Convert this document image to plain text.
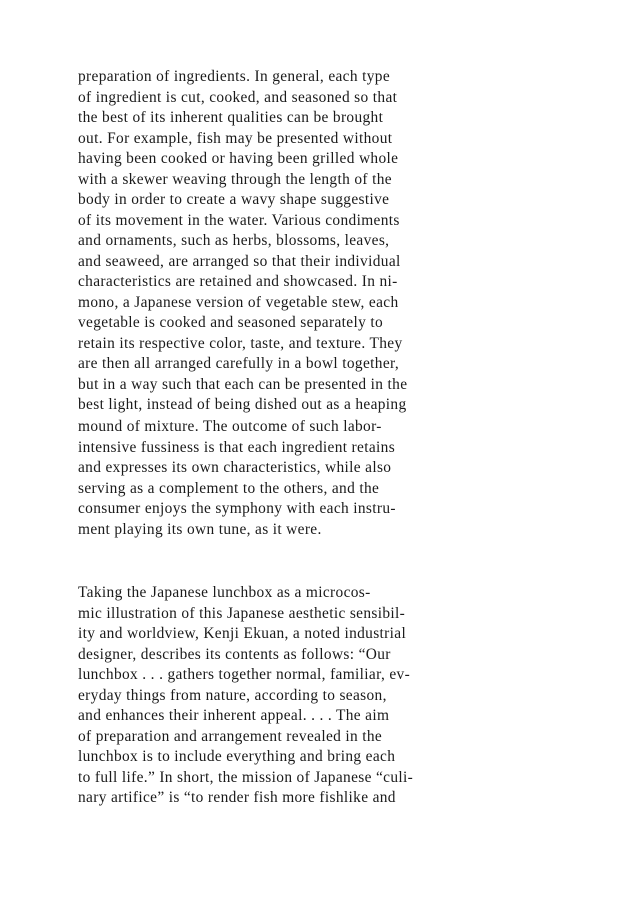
preparation of ingredients. In general, each type
of ingredient is cut, cooked, and seasoned so that
the best of its inherent qualities can be brought
out. For example, fish may be presented without
having been cooked or having been grilled whole
with a skewer weaving through the length of the
body in order to create a wavy shape suggestive
of its movement in the water. Various condiments
and ornaments, such as herbs, blossoms, leaves,
and seaweed, are arranged so that their individual
characteristics are retained and showcased. In ni-
mono, a Japanese version of vegetable stew, each
vegetable is cooked and seasoned separately to
retain its respective color, taste, and texture. They
are then all arranged carefully in a bowl together,
but in a way such that each can be presented in the
best light, instead of being dished out as a heaping
mound of mixture. The outcome of such labor-
intensive fussiness is that each ingredient retains
and expresses its own characteristics, while also
serving as a complement to the others, and the
consumer enjoys the symphony with each instru-
ment playing its own tune, as it were.
Taking the Japanese lunchbox as a microcos-
mic illustration of this Japanese aesthetic sensibil-
ity and worldview, Kenji Ekuan, a noted industrial
designer, describes its contents as follows: “Our
lunchbox . . . gathers together normal, familiar, ev-
eryday things from nature, according to season,
and enhances their inherent appeal. . . . The aim
of preparation and arrangement revealed in the
lunchbox is to include everything and bring each
to full life.” In short, the mission of Japanese “culi-
nary artifice” is “to render fish more fishlike and
